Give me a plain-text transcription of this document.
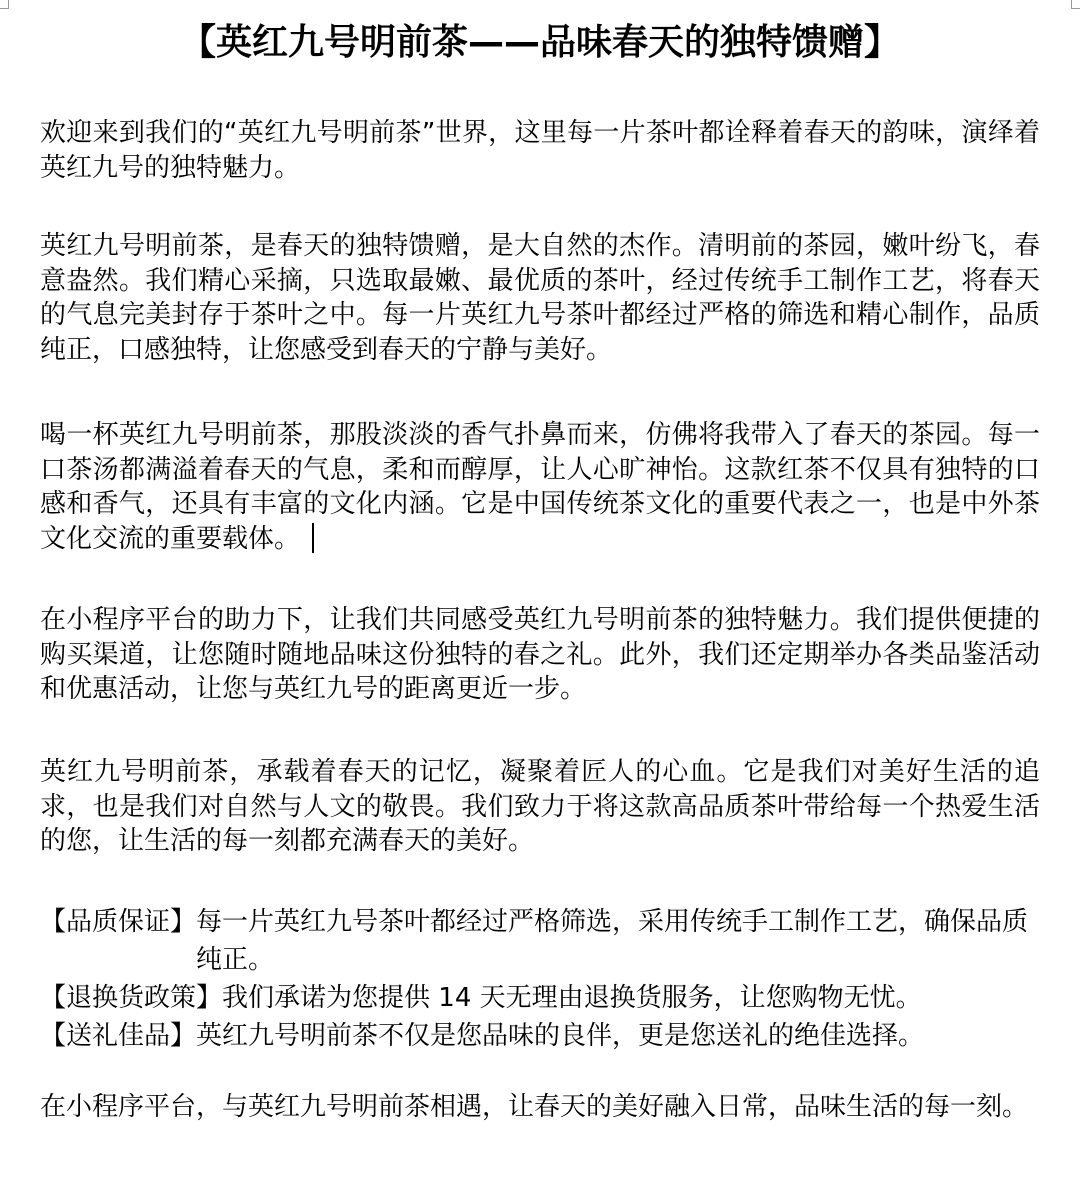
【英红九号明前茶——品味春天的独特馈赠】

欢迎来到我们的“英红九号明前茶”世界，这里每一片茶叶都诠释着春天的韵味，演绎着英红九号的独特魅力。

英红九号明前茶，是春天的独特馈赠，是大自然的杰作。清明前的茶园，嫩叶纷飞，春意盎然。我们精心采摘，只选取最嫩、最优质的茶叶，经过传统手工制作工艺，将春天的气息完美封存于茶叶之中。每一片英红九号茶叶都经过严格的筛选和精心制作，品质纯正，口感独特，让您感受到春天的宁静与美好。

喝一杯英红九号明前茶，那股淡淡的香气扑鼻而来，仿佛将我带入了春天的茶园。每一口茶汤都满溢着春天的气息，柔和而醇厚，让人心旷神怡。这款红茶不仅具有独特的口感和香气，还具有丰富的文化内涵。它是中国传统茶文化的重要代表之一，也是中外茶文化交流的重要载体。

在小程序平台的助力下，让我们共同感受英红九号明前茶的独特魅力。我们提供便捷的购买渠道，让您随时随地品味这份独特的春之礼。此外，我们还定期举办各类品鉴活动和优惠活动，让您与英红九号的距离更近一步。

英红九号明前茶，承载着春天的记忆，凝聚着匠人的心血。它是我们对美好生活的追求，也是我们对自然与人文的敬畏。我们致力于将这款高品质茶叶带给每一个热爱生活的您，让生活的每一刻都充满春天的美好。

【品质保证】 每一片英红九号茶叶都经过严格筛选，采用传统手工制作工艺，确保品质纯正。
【退换货政策】 我们承诺为您提供 14 天无理由退换货服务，让您购物无忧。
【送礼佳品】 英红九号明前茶不仅是您品味的良伴，更是您送礼的绝佳选择。

在小程序平台，与英红九号明前茶相遇，让春天的美好融入日常，品味生活的每一刻。
